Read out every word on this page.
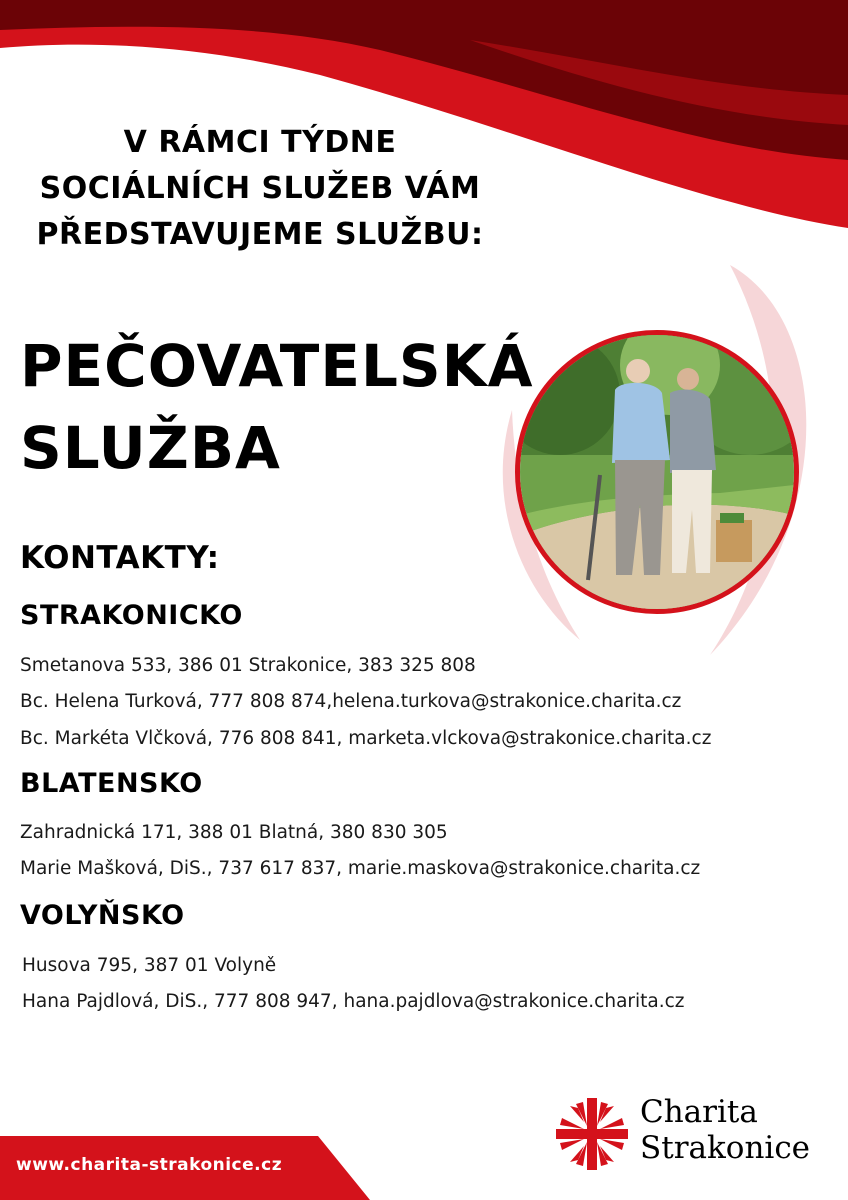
V RÁMCI TÝDNE
SOCIÁLNÍCH SLUŽEB VÁM
PŘEDSTAVUJEME SLUŽBU:
PEČOVATELSKÁ
SLUŽBA
KONTAKTY:
STRAKONICKO
Smetanova 533, 386 01 Strakonice, 383 325 808
Bc. Helena Turková, 777 808 874,helena.turkova@strakonice.charita.cz
Bc. Markéta Vlčková, 776 808 841, marketa.vlckova@strakonice.charita.cz
BLATENSKO
Zahradnická 171, 388 01 Blatná, 380 830 305
Marie Mašková, DiS., 737 617 837, marie.maskova@strakonice.charita.cz
VOLYŇSKO
Husova 795, 387 01 Volyně
Hana Pajdlová, DiS., 777 808 947, hana.pajdlova@strakonice.charita.cz
www.charita-strakonice.cz
Charita
Strakonice
